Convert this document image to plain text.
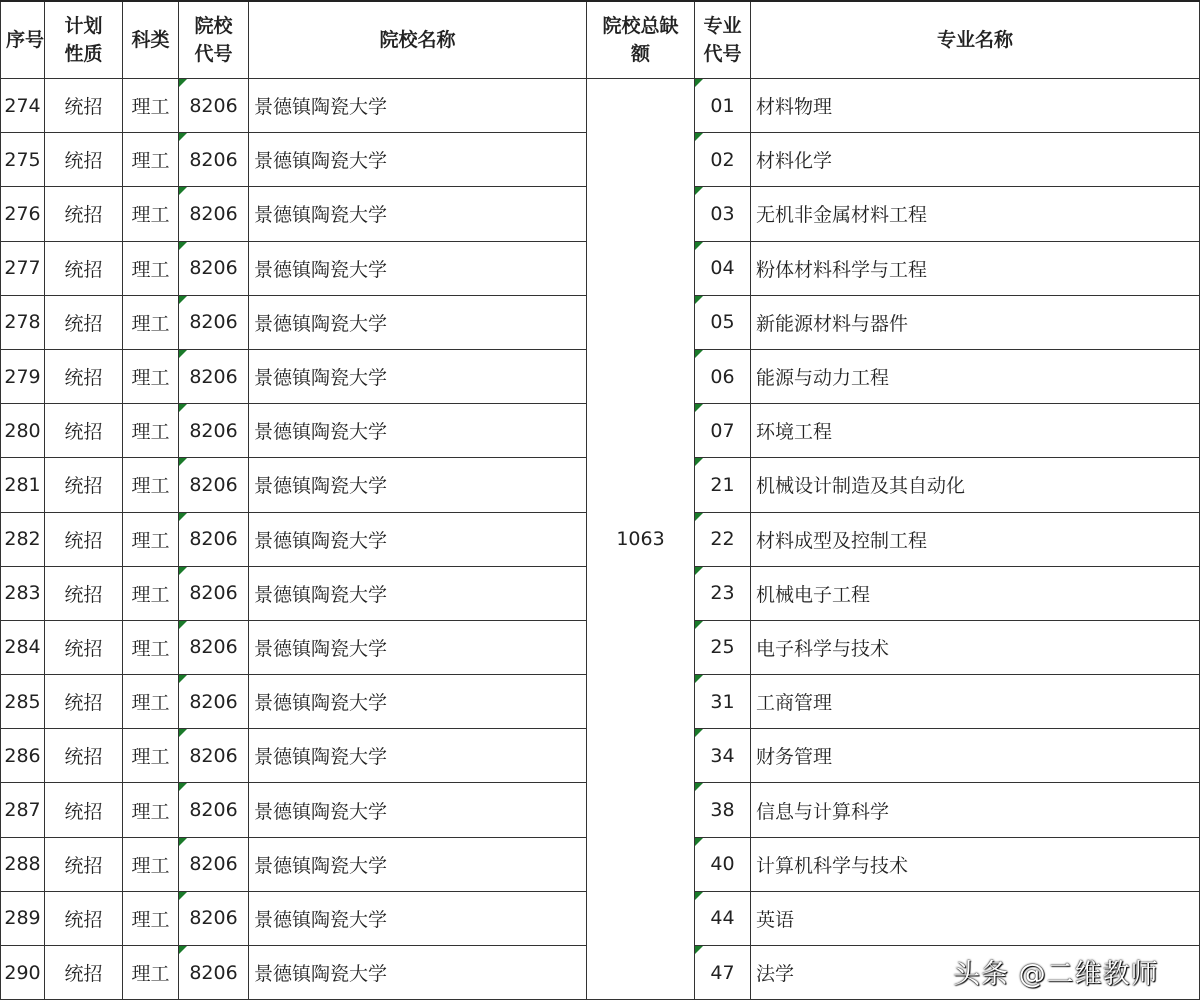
序号	计划性质	科类	院校代号	院校名称	院校总缺额	专业代号	专业名称
274	统招	理工	8206	景德镇陶瓷大学	1063	01	材料物理
275	统招	理工	8206	景德镇陶瓷大学		02	材料化学
276	统招	理工	8206	景德镇陶瓷大学		03	无机非金属材料工程
277	统招	理工	8206	景德镇陶瓷大学		04	粉体材料科学与工程
278	统招	理工	8206	景德镇陶瓷大学		05	新能源材料与器件
279	统招	理工	8206	景德镇陶瓷大学		06	能源与动力工程
280	统招	理工	8206	景德镇陶瓷大学		07	环境工程
281	统招	理工	8206	景德镇陶瓷大学		21	机械设计制造及其自动化
282	统招	理工	8206	景德镇陶瓷大学		22	材料成型及控制工程
283	统招	理工	8206	景德镇陶瓷大学		23	机械电子工程
284	统招	理工	8206	景德镇陶瓷大学		25	电子科学与技术
285	统招	理工	8206	景德镇陶瓷大学		31	工商管理
286	统招	理工	8206	景德镇陶瓷大学		34	财务管理
287	统招	理工	8206	景德镇陶瓷大学		38	信息与计算科学
288	统招	理工	8206	景德镇陶瓷大学		40	计算机科学与技术
289	统招	理工	8206	景德镇陶瓷大学		44	英语
290	统招	理工	8206	景德镇陶瓷大学		47	法学	头条 @二维教师
